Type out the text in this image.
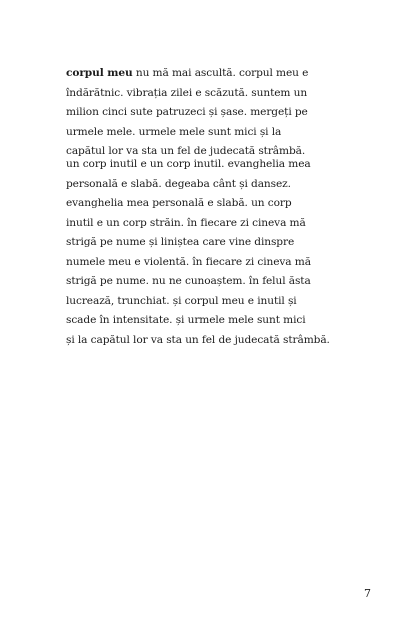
corpul meu nu mă mai ascultă. corpul meu e
îndărătnic. vibrația zilei e scăzută. suntem un
milion cinci sute patruzeci și șase. mergeți pe
urmele mele. urmele mele sunt mici și la
capătul lor va sta un fel de judecată strâmbă.
un corp inutil e un corp inutil. evanghelia mea
personală e slabă. degeaba cânt și dansez.
evanghelia mea personală e slabă. un corp
inutil e un corp străin. în fiecare zi cineva mă
strigă pe nume și liniștea care vine dinspre
numele meu e violentă. în fiecare zi cineva mă
strigă pe nume. nu ne cunoaștem. în felul ăsta
lucrează, trunchiat. și corpul meu e inutil și
scade în intensitate. și urmele mele sunt mici
și la capătul lor va sta un fel de judecată strâmbă.
7
